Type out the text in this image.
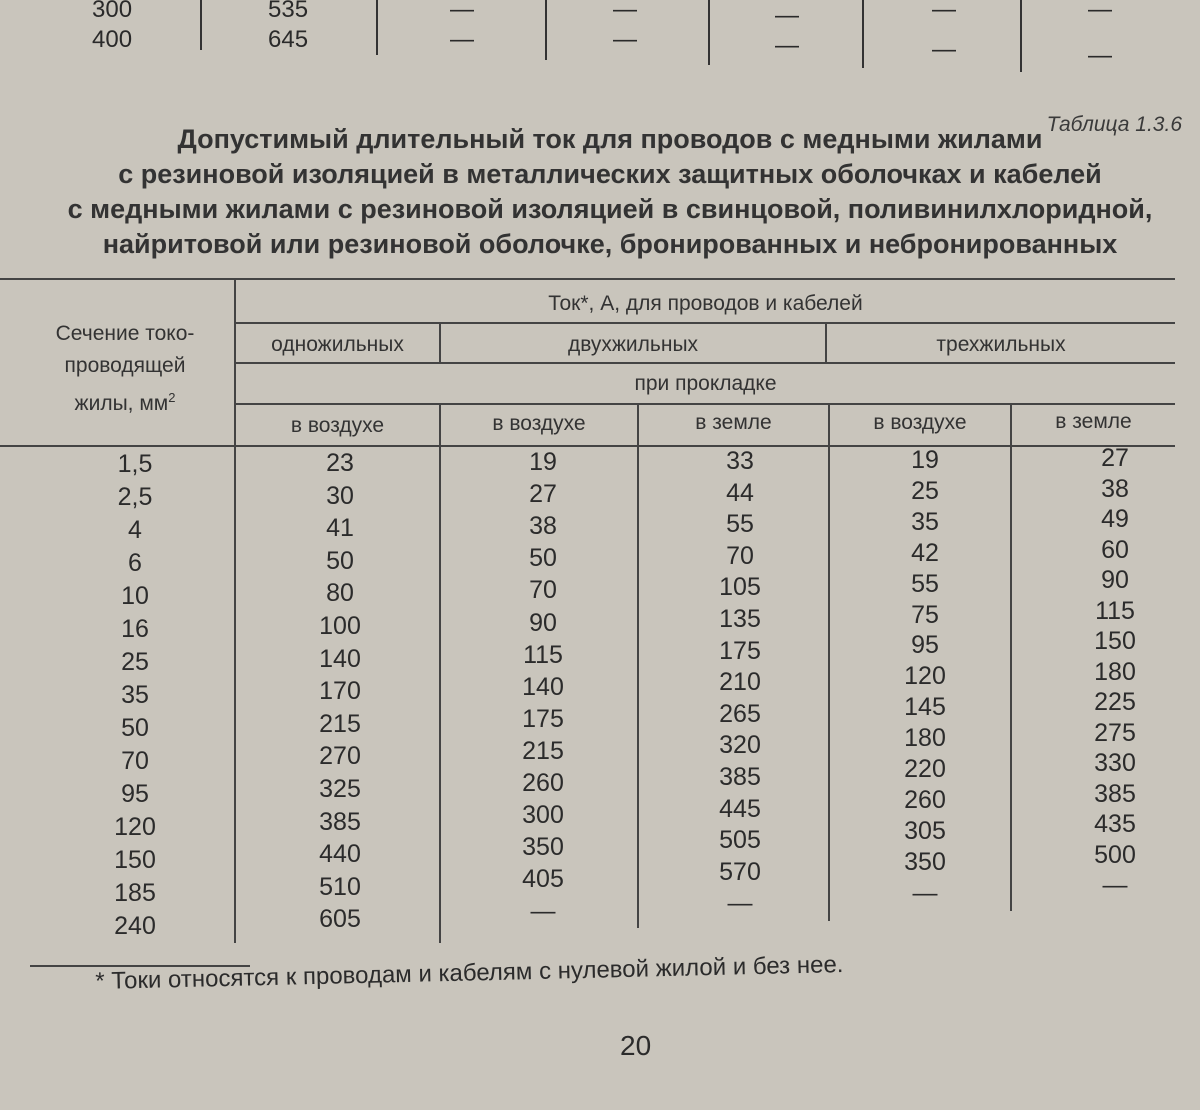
300	535	—	—	—	—	—
400	645	—	—	—	—	—
Таблица 1.3.6
Допустимый длительный ток для проводов с медными жилами
с резиновой изоляцией в металлических защитных оболочках и кабелей
с медными жилами с резиновой изоляцией в свинцовой, поливинилхлоридной,
найритовой или резиновой оболочке, бронированных и небронированных
Сечение токо-
проводящей
жилы, $мм^2$
Ток*, А, для проводов и кабелей
одножильных	двухжильных	трехжильных
при прокладке
в воздухе	в воздухе	в земле	в воздухе	в земле
1,5	23	19	33	19	27
2,5	30	27	44	25	38
4	41	38	55	35	49
6	50	50	70	42	60
10	80	70	105	55	90
16	100	90	135	75	115
25	140	115	175	95	150
35	170	140	210	120	180
50	215	175	265	145	225
70	270	215	320	180	275
95	325	260	385	220	330
120	385	300	445	260	385
150	440	350	505	305	435
185	510	405	570	350	500
240	605	—	—	—	—
* Токи относятся к проводам и кабелям с нулевой жилой и без нее.
20
